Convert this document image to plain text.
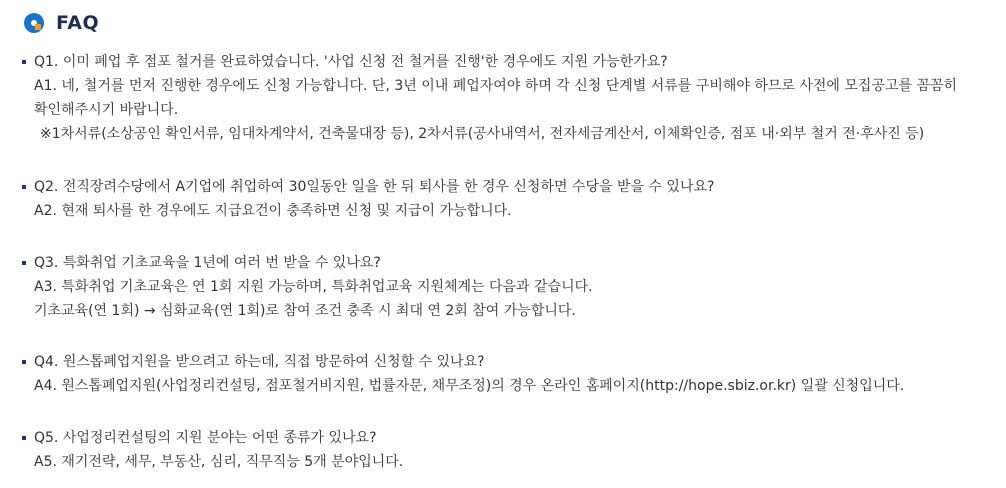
FAQ
Q1. 이미 폐업 후 점포 철거를 완료하였습니다. '사업 신청 전 철거를 진행'한 경우에도 지원 가능한가요?
A1. 네, 철거를 먼저 진행한 경우에도 신청 가능합니다. 단, 3년 이내 폐업자여야 하며 각 신청 단계별 서류를 구비해야 하므로 사전에 모집공고를 꼼꼼히
확인해주시기 바랍니다.
※1차서류(소상공인 확인서류, 임대차계약서, 건축물대장 등), 2차서류(공사내역서, 전자세금계산서, 이체확인증, 점포 내·외부 철거 전·후사진 등)
Q2. 전직장려수당에서 A기업에 취업하여 30일동안 일을 한 뒤 퇴사를 한 경우 신청하면 수당을 받을 수 있나요?
A2. 현재 퇴사를 한 경우에도 지급요건이 충족하면 신청 및 지급이 가능합니다.
Q3. 특화취업 기초교육을 1년에 여러 번 받을 수 있나요?
A3. 특화취업 기초교육은 연 1회 지원 가능하며, 특화취업교육 지원체계는 다음과 같습니다.
기초교육(연 1회) → 심화교육(연 1회)로 참여 조건 충족 시 최대 연 2회 참여 가능합니다.
Q4. 원스톱폐업지원을 받으려고 하는데, 직접 방문하여 신청할 수 있나요?
A4. 원스톱폐업지원(사업정리컨설팅, 점포철거비지원, 법률자문, 채무조정)의 경우 온라인 홈페이지(http://hope.sbiz.or.kr) 일괄 신청입니다.
Q5. 사업정리컨설팅의 지원 분야는 어떤 종류가 있나요?
A5. 재기전략, 세무, 부동산, 심리, 직무직능 5개 분야입니다.
